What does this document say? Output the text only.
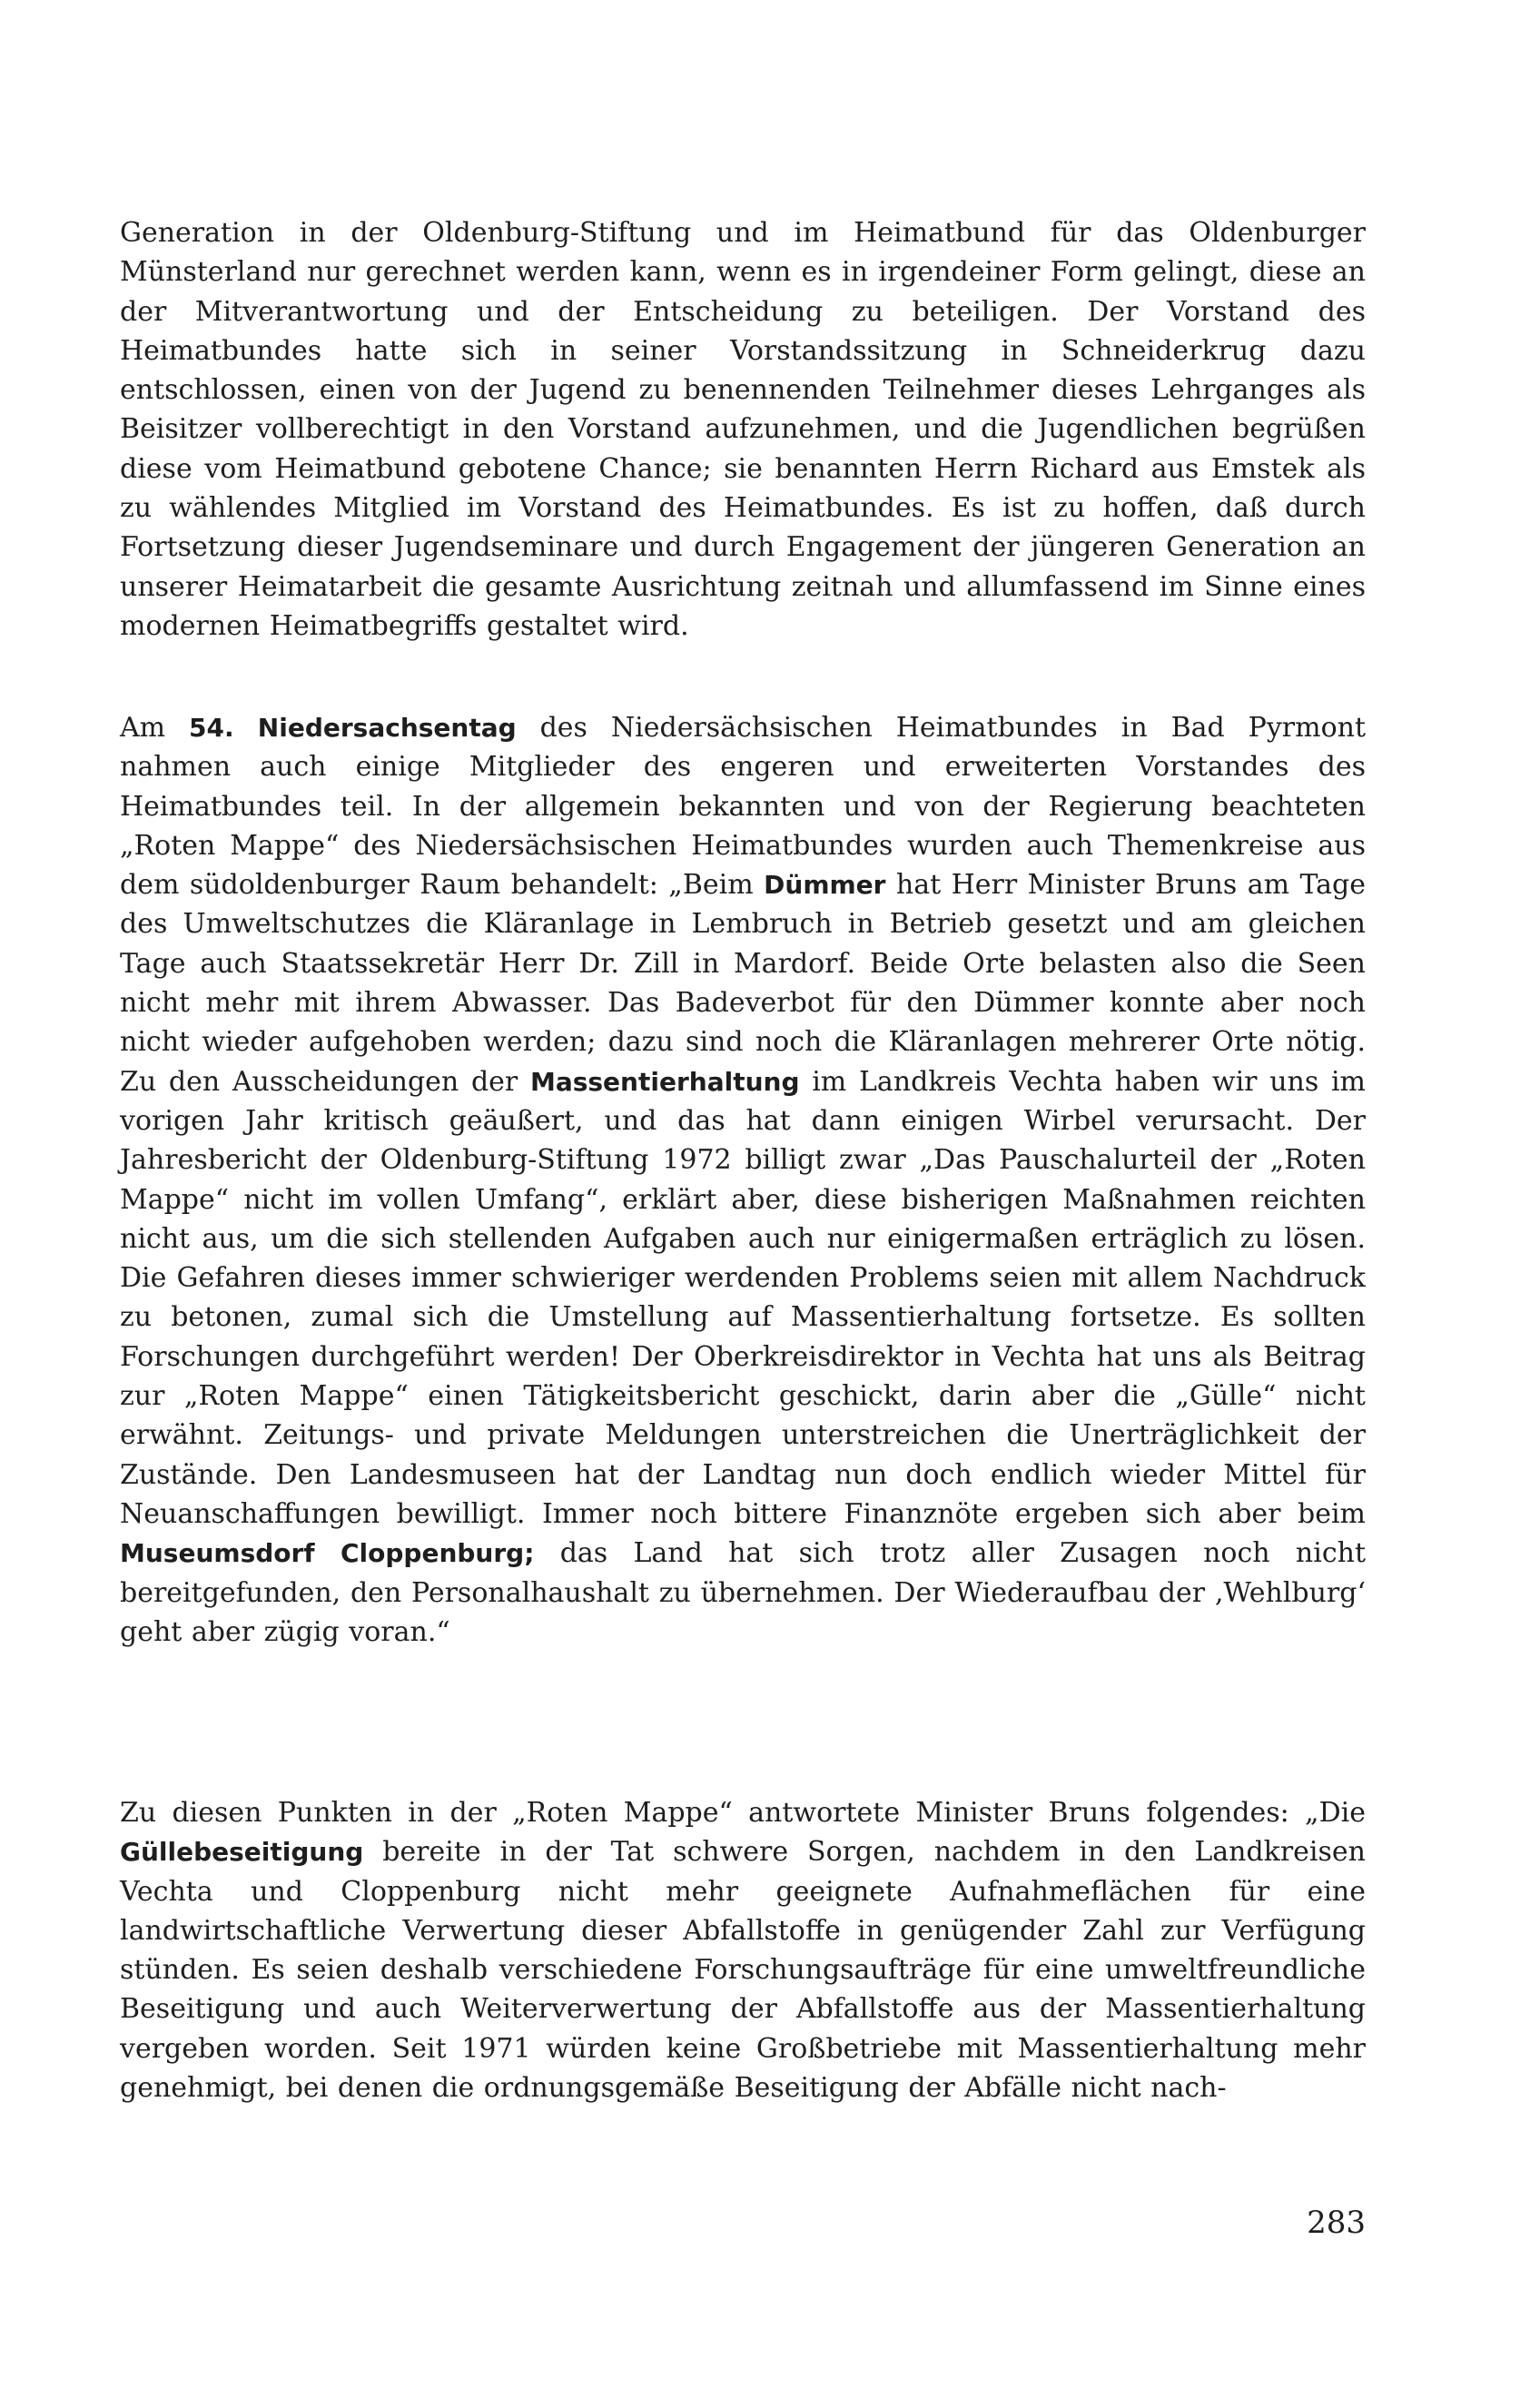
Generation in der Oldenburg-Stiftung und im Heimatbund für das Oldenburger Münsterland nur gerechnet werden kann, wenn es in irgendeiner Form gelingt, diese an der Mitverantwortung und der Entscheidung zu beteiligen. Der Vorstand des Heimatbundes hatte sich in seiner Vorstandssitzung in Schneiderkrug dazu entschlossen, einen von der Jugend zu benennenden Teilnehmer dieses Lehrganges als Beisitzer vollberechtigt in den Vorstand aufzunehmen, und die Jugendlichen begrüßen diese vom Heimatbund gebotene Chance; sie benannten Herrn Richard aus Emstek als zu wählendes Mitglied im Vorstand des Heimatbundes. Es ist zu hoffen, daß durch Fortsetzung dieser Jugendseminare und durch Engagement der jüngeren Generation an unserer Heimatarbeit die gesamte Ausrichtung zeitnah und allumfassend im Sinne eines modernen Heimatbegriffs gestaltet wird.

Am 54. Niedersachsentag des Niedersächsischen Heimatbundes in Bad Pyrmont nahmen auch einige Mitglieder des engeren und erweiterten Vorstandes des Heimatbundes teil. In der allgemein bekannten und von der Regierung beachteten „Roten Mappe“ des Niedersächsischen Heimatbundes wurden auch Themenkreise aus dem südoldenburger Raum behandelt: „Beim Dümmer hat Herr Minister Bruns am Tage des Umweltschutzes die Kläranlage in Lembruch in Betrieb gesetzt und am gleichen Tage auch Staatssekretär Herr Dr. Zill in Mardorf. Beide Orte belasten also die Seen nicht mehr mit ihrem Abwasser. Das Badeverbot für den Dümmer konnte aber noch nicht wieder aufgehoben werden; dazu sind noch die Kläranlagen mehrerer Orte nötig. Zu den Ausscheidungen der Massentierhaltung im Landkreis Vechta haben wir uns im vorigen Jahr kritisch geäußert, und das hat dann einigen Wirbel verursacht. Der Jahresbericht der Oldenburg-Stiftung 1972 billigt zwar „Das Pauschalurteil der „Roten Mappe“ nicht im vollen Umfang“, erklärt aber, diese bisherigen Maßnahmen reichten nicht aus, um die sich stellenden Aufgaben auch nur einigermaßen erträglich zu lösen. Die Gefahren dieses immer schwieriger werdenden Problems seien mit allem Nachdruck zu betonen, zumal sich die Umstellung auf Massentierhaltung fortsetze. Es sollten Forschungen durchgeführt werden! Der Oberkreisdirektor in Vechta hat uns als Beitrag zur „Roten Mappe“ einen Tätigkeitsbericht geschickt, darin aber die „Gülle“ nicht erwähnt. Zeitungs- und private Meldungen unterstreichen die Unerträglichkeit der Zustände. Den Landesmuseen hat der Landtag nun doch endlich wieder Mittel für Neuanschaffungen bewilligt. Immer noch bittere Finanznöte ergeben sich aber beim Museumsdorf Cloppenburg; das Land hat sich trotz aller Zusagen noch nicht bereitgefunden, den Personalhaushalt zu übernehmen. Der Wiederaufbau der ‚Wehlburg‘ geht aber zügig voran.“

Zu diesen Punkten in der „Roten Mappe“ antwortete Minister Bruns folgendes: „Die Güllebeseitigung bereite in der Tat schwere Sorgen, nachdem in den Landkreisen Vechta und Cloppenburg nicht mehr geeignete Aufnahmeflächen für eine landwirtschaftliche Verwertung dieser Abfallstoffe in genügender Zahl zur Verfügung stünden. Es seien deshalb verschiedene Forschungsaufträge für eine umweltfreundliche Beseitigung und auch Weiterverwertung der Abfallstoffe aus der Massentierhaltung vergeben worden. Seit 1971 würden keine Großbetriebe mit Massentierhaltung mehr genehmigt, bei denen die ordnungsgemäße Beseitigung der Abfälle nicht nach-

283
